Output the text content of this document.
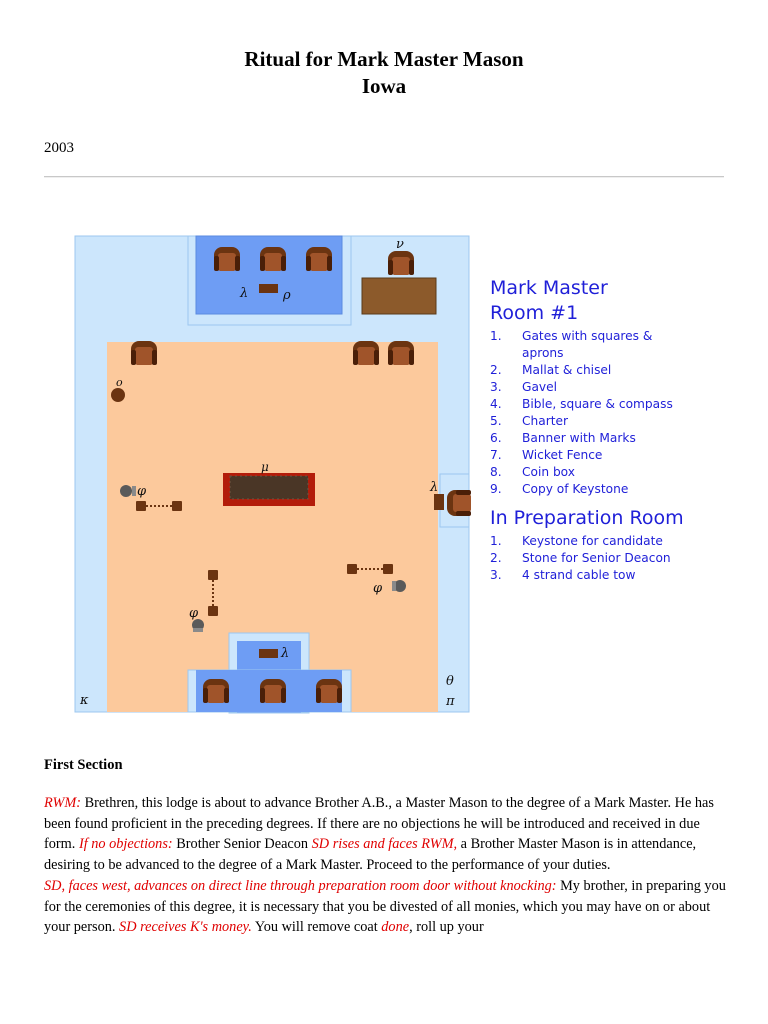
Ritual for Mark Master Mason
Iowa
2003
ν
λ	ρ
ο
μ
φ	λ
φ
φ
λ
θ
κ	π
Mark Master
Room #1
1. Gates with squares &
aprons
2. Mallat & chisel
3. Gavel
4. Bible, square & compass
5. Charter
6. Banner with Marks
7. Wicket Fence
8. Coin box
9. Copy of Keystone
In Preparation Room
1. Keystone for candidate
2. Stone for Senior Deacon
3. 4 strand cable tow
First Section
RWM: Brethren, this lodge is about to advance Brother A.B., a Master Mason to the degree of a Mark Master. He has been found proficient in the preceding degrees. If there are no objections he will be introduced and received in due form. If no objections: Brother Senior Deacon SD rises and faces RWM, a Brother Master Mason is in attendance, desiring to be advanced to the degree of a Mark Master. Proceed to the performance of your duties.
SD, faces west, advances on direct line through preparation room door without knocking: My brother, in preparing you for the ceremonies of this degree, it is necessary that you be divested of all monies, which you may have on or about your person. SD receives K's money. You will remove coat done, roll up your
